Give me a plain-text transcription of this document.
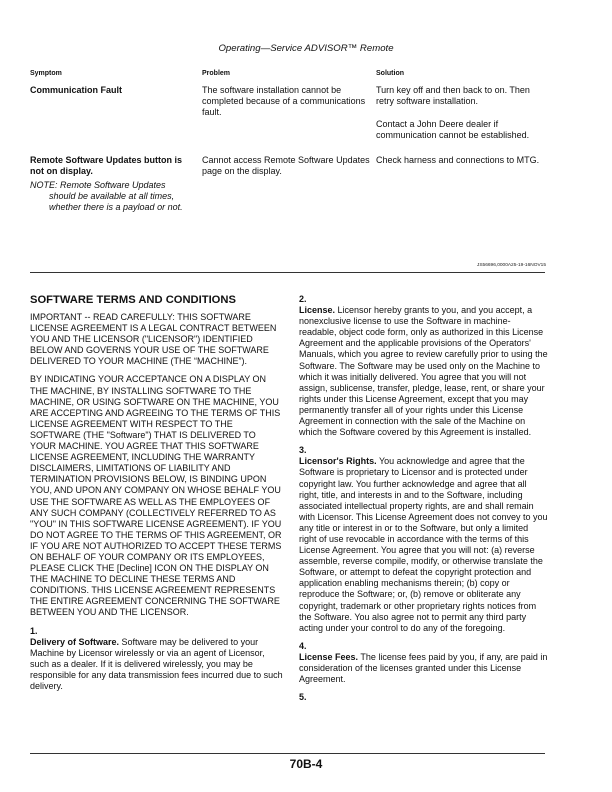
Operating—Service ADVISOR™ Remote
Symptom	Problem	Solution
Communication Fault	The software installation cannot be completed because of a communications fault.	Turn key off and then back to on. Then retry software installation.
Contact a John Deere dealer if communication cannot be established.

Remote Software Updates button is not on display.
NOTE: Remote Software Updates
should be available at all times,
whether there is a payload or not.	Cannot access Remote Software Updates page on the display.	Check harness and connections to MTG.
JS56696,0000A25-19-16NOV15
SOFTWARE TERMS AND CONDITIONS

IMPORTANT -- READ CAREFULLY: THIS SOFTWARE LICENSE AGREEMENT IS A LEGAL CONTRACT BETWEEN YOU AND THE LICENSOR ("LICENSOR") IDENTIFIED BELOW AND GOVERNS YOUR USE OF THE SOFTWARE DELIVERED TO YOUR MACHINE (THE “MACHINE”).

BY INDICATING YOUR ACCEPTANCE ON A DISPLAY ON THE MACHINE, BY INSTALLING SOFTWARE TO THE MACHINE, OR USING SOFTWARE ON THE MACHINE, YOU ARE ACCEPTING AND AGREEING TO THE TERMS OF THIS LICENSE AGREEMENT WITH RESPECT TO THE SOFTWARE (THE "Software") THAT IS DELIVERED TO YOUR MACHINE. YOU AGREE THAT THIS SOFTWARE LICENSE AGREEMENT, INCLUDING THE WARRANTY DISCLAIMERS, LIMITATIONS OF LIABILITY AND TERMINATION PROVISIONS BELOW, IS BINDING UPON YOU, AND UPON ANY COMPANY ON WHOSE BEHALF YOU USE THE SOFTWARE AS WELL AS THE EMPLOYEES OF ANY SUCH COMPANY (COLLECTIVELY REFERRED TO AS "YOU" IN THIS SOFTWARE LICENSE AGREEMENT). IF YOU DO NOT AGREE TO THE TERMS OF THIS AGREEMENT, OR IF YOU ARE NOT AUTHORIZED TO ACCEPT THESE TERMS ON BEHALF OF YOUR COMPANY OR ITS EMPLOYEES, PLEASE CLICK THE [Decline] ICON ON THE DISPLAY ON THE MACHINE TO DECLINE THESE TERMS AND CONDITIONS. THIS LICENSE AGREEMENT REPRESENTS THE ENTIRE AGREEMENT CONCERNING THE SOFTWARE BETWEEN YOU AND THE LICENSOR.

1.

Delivery of Software. Software may be delivered to your Machine by Licensor wirelessly or via an agent of Licensor, such as a dealer. If it is delivered wirelessly, you may be responsible for any data transmission fees incurred due to such delivery.

2.

License. Licensor hereby grants to you, and you accept, a nonexclusive license to use the Software in machine-readable, object code form, only as authorized in this License Agreement and the applicable provisions of the Operators' Manuals, which you agree to review carefully prior to using the Software. The Software may be used only on the Machine to which it was initially delivered. You agree that you will not assign, sublicense, transfer, pledge, lease, rent, or share your rights under this License Agreement, except that you may permanently transfer all of your rights under this License Agreement in connection with the sale of the Machine on which the Software covered by this Agreement is installed.

3.

Licensor's Rights. You acknowledge and agree that the Software is proprietary to Licensor and is protected under copyright law. You further acknowledge and agree that all right, title, and interests in and to the Software, including associated intellectual property rights, are and shall remain with Licensor. This License Agreement does not convey to you any title or interest in or to the Software, but only a limited right of use revocable in accordance with the terms of this License Agreement. You agree that you will not: (a) reverse assemble, reverse compile, modify, or otherwise translate the Software, or attempt to defeat the copyright protection and application enabling mechanisms therein; (b) copy or reproduce the Software; or, (b) remove or obliterate any copyright, trademark or other proprietary rights notices from the Software. You also agree not to permit any third party acting under your control to do any of the foregoing.

4.

License Fees. The license fees paid by you, if any, are paid in consideration of the licenses granted under this License Agreement.

5.
70B-4
